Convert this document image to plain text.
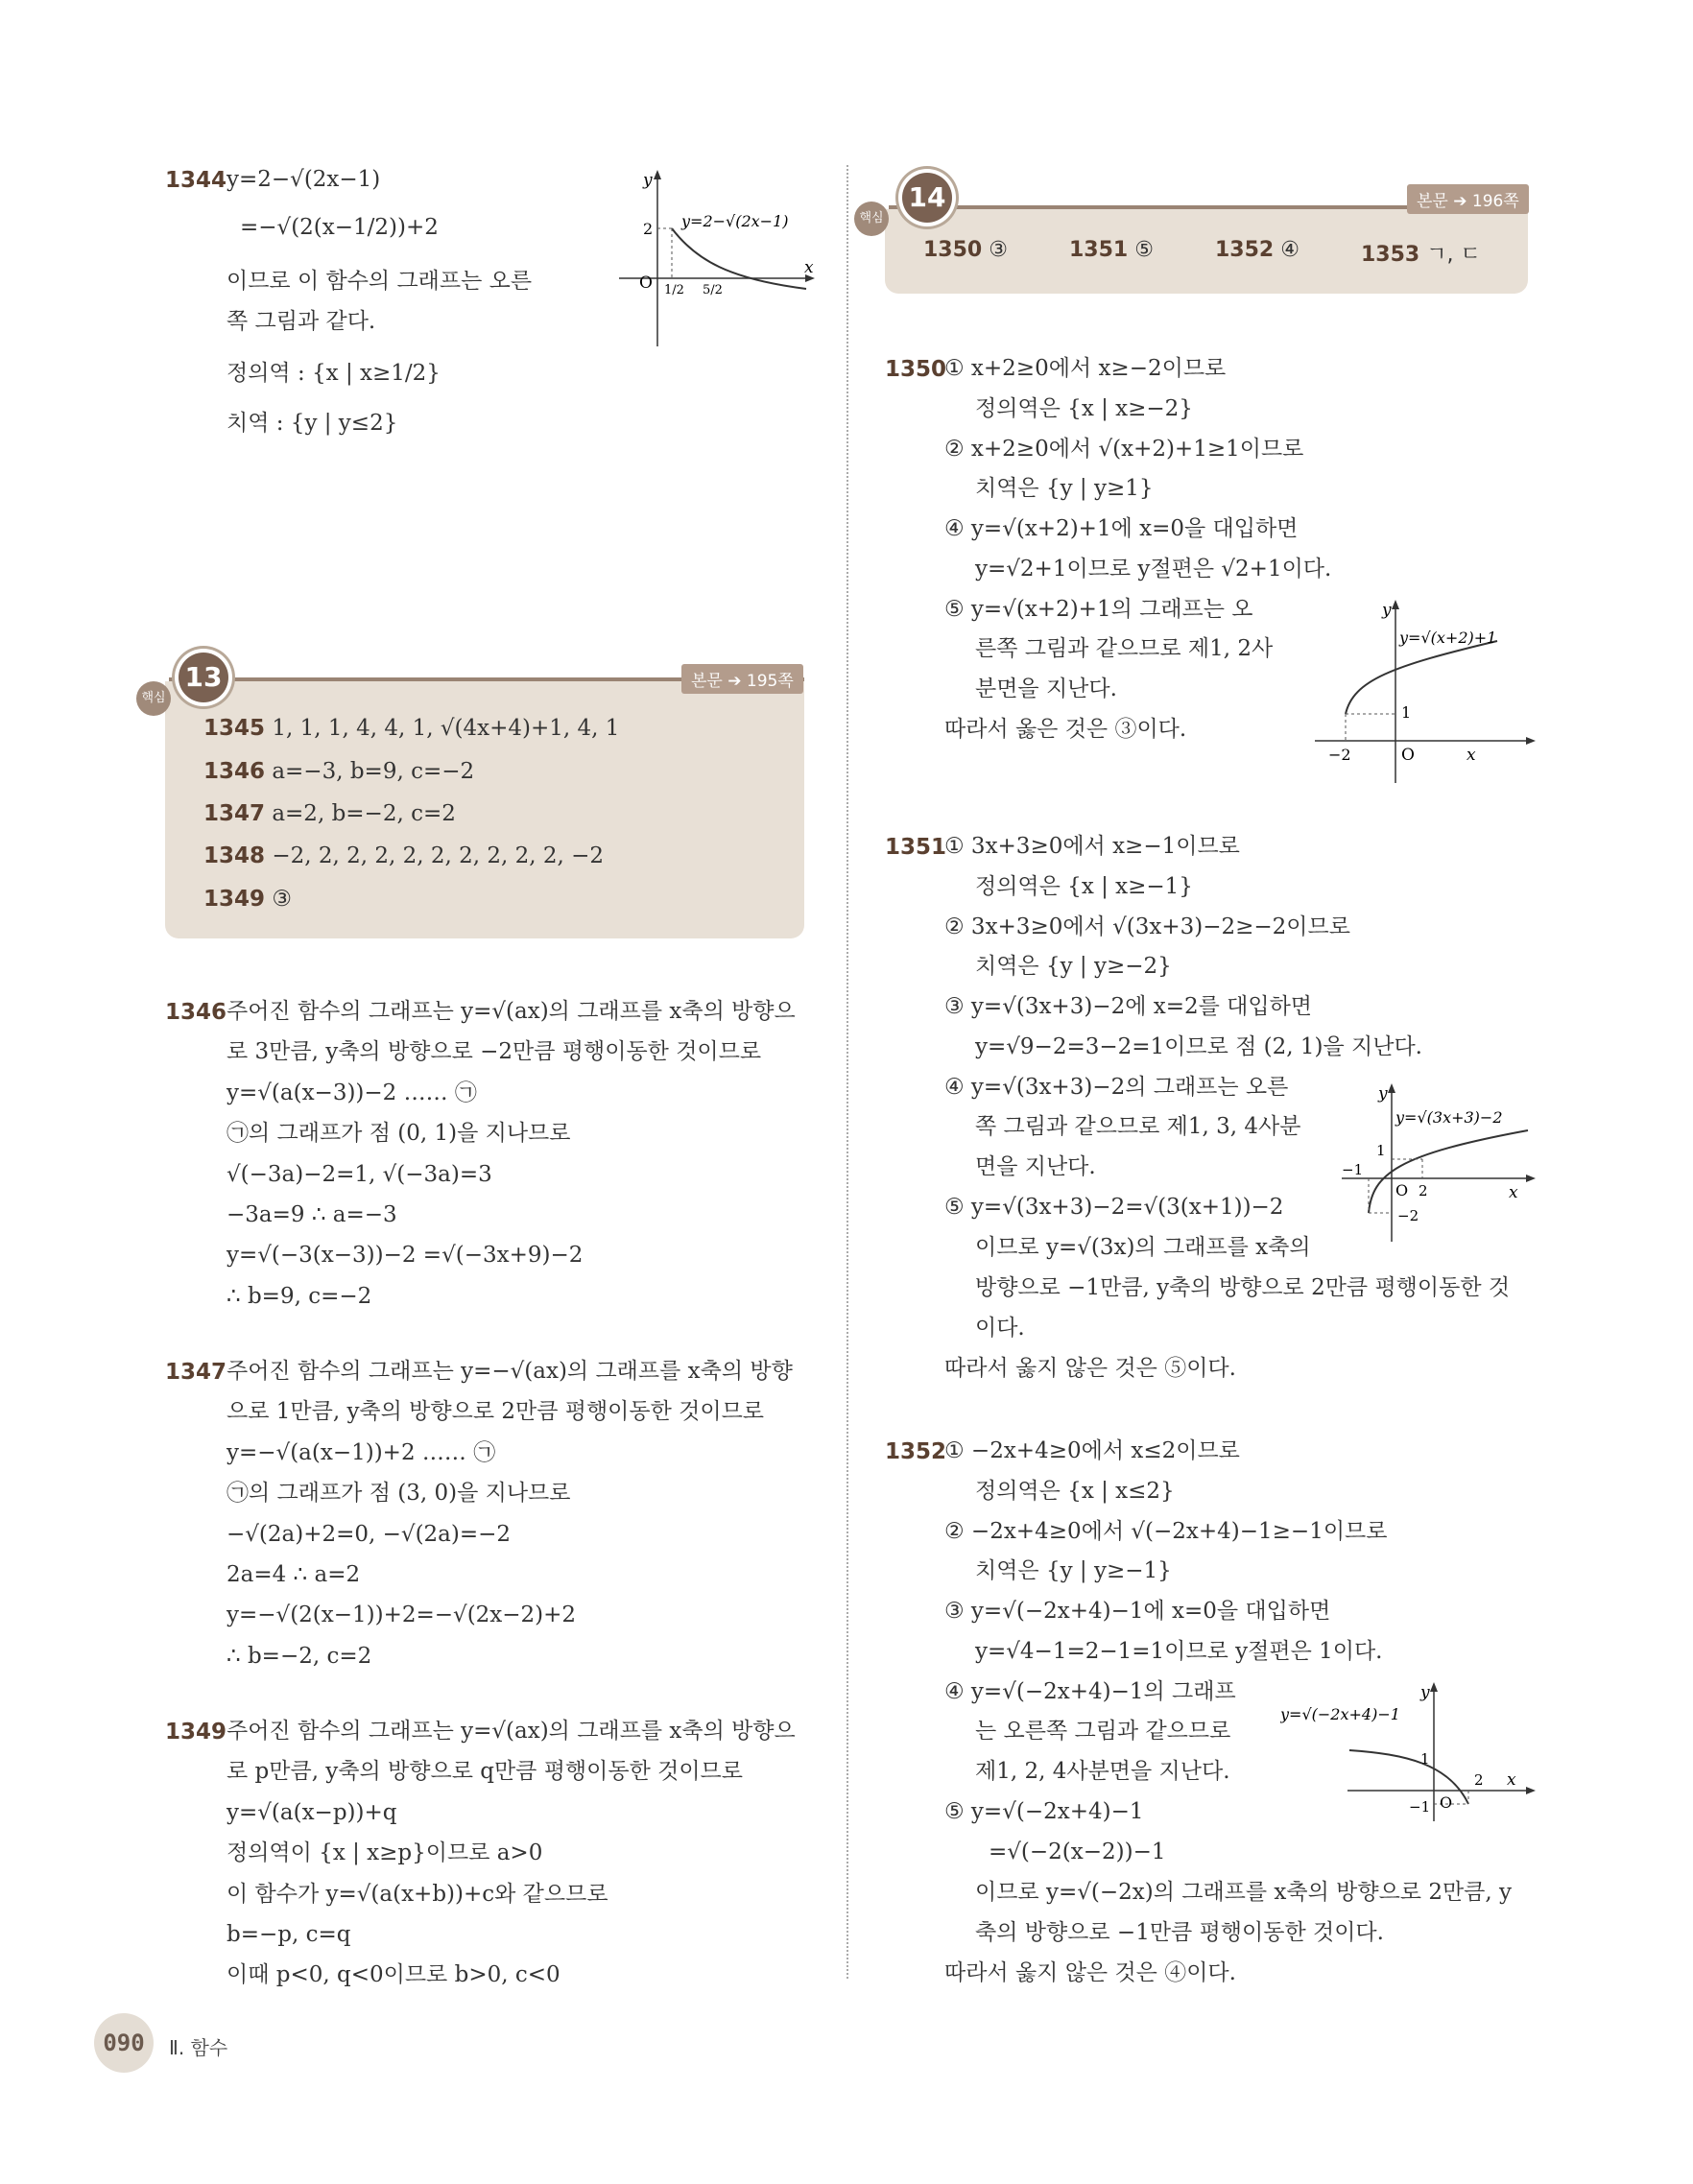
1344 y=2−√(2x−1)
=−√(2(x−1/2))+2
이므로 이 함수의 그래프는 오른
쪽 그림과 같다.
정의역 : {x | x≥1/2}
치역 : {y | y≤2}
y
x
O
2
1/2 5/2
y=2−√(2x−1)
13
핵심
본문 ➔ 195쪽
1345 1, 1, 1, 4, 4, 1, √(4x+4)+1, 4, 1
1346 a=−3, b=9, c=−2
1347 a=2, b=−2, c=2
1348 −2, 2, 2, 2, 2, 2, 2, 2, 2, 2, −2
1349 ③
1346 주어진 함수의 그래프는 y=√(ax)의 그래프를 x축의 방향으
로 3만큼, y축의 방향으로 −2만큼 평행이동한 것이므로
y=√(a(x−3))−2 …… ㉠
㉠의 그래프가 점 (0, 1)을 지나므로
√(−3a)−2=1, √(−3a)=3
−3a=9 ∴ a=−3
y=√(−3(x−3))−2 =√(−3x+9)−2
∴ b=9, c=−2
1347 주어진 함수의 그래프는 y=−√(ax)의 그래프를 x축의 방향
으로 1만큼, y축의 방향으로 2만큼 평행이동한 것이므로
y=−√(a(x−1))+2 …… ㉠
㉠의 그래프가 점 (3, 0)을 지나므로
−√(2a)+2=0, −√(2a)=−2
2a=4 ∴ a=2
y=−√(2(x−1))+2=−√(2x−2)+2
∴ b=−2, c=2
1349 주어진 함수의 그래프는 y=√(ax)의 그래프를 x축의 방향으
로 p만큼, y축의 방향으로 q만큼 평행이동한 것이므로
y=√(a(x−p))+q
정의역이 {x | x≥p}이므로 a>0
이 함수가 y=√(a(x+b))+c와 같으므로
b=−p, c=q
이때 p<0, q<0이므로 b>0, c<0
14
핵심
본문 ➔ 196쪽
1350 ③	1351 ⑤	1352 ④	1353 ㄱ, ㄷ
1350
① x+2≥0에서 x≥−2이므로
정의역은 {x | x≥−2}
② x+2≥0에서 √(x+2)+1≥1이므로
치역은 {y | y≥1}
④ y=√(x+2)+1에 x=0을 대입하면
y=√2+1이므로 y절편은 √2+1이다.
⑤ y=√(x+2)+1의 그래프는 오
른쪽 그림과 같으므로 제1, 2사
분면을 지난다.
따라서 옳은 것은 ③이다.
y
x
O
1
−2
y=√(x+2)+1
1351
① 3x+3≥0에서 x≥−1이므로
정의역은 {x | x≥−1}
② 3x+3≥0에서 √(3x+3)−2≥−2이므로
치역은 {y | y≥−2}
③ y=√(3x+3)−2에 x=2를 대입하면
y=√9−2=3−2=1이므로 점 (2, 1)을 지난다.
④ y=√(3x+3)−2의 그래프는 오른
쪽 그림과 같으므로 제1, 3, 4사분
면을 지난다.
⑤ y=√(3x+3)−2=√(3(x+1))−2
이므로 y=√(3x)의 그래프를 x축의
방향으로 −1만큼, y축의 방향으로 2만큼 평행이동한 것
이다.
따라서 옳지 않은 것은 ⑤이다.
y
x
O
1
−2
−1
2
y=√(3x+3)−2
1352
① −2x+4≥0에서 x≤2이므로
정의역은 {x | x≤2}
② −2x+4≥0에서 √(−2x+4)−1≥−1이므로
치역은 {y | y≥−1}
③ y=√(−2x+4)−1에 x=0을 대입하면
y=√4−1=2−1=1이므로 y절편은 1이다.
④ y=√(−2x+4)−1의 그래프
는 오른쪽 그림과 같으므로
제1, 2, 4사분면을 지난다.
⑤ y=√(−2x+4)−1
=√(−2(x−2))−1
이므로 y=√(−2x)의 그래프를 x축의 방향으로 2만큼, y
축의 방향으로 −1만큼 평행이동한 것이다.
따라서 옳지 않은 것은 ④이다.
y
x
O
1
−1
2
y=√(−2x+4)−1
090	Ⅱ. 함수
